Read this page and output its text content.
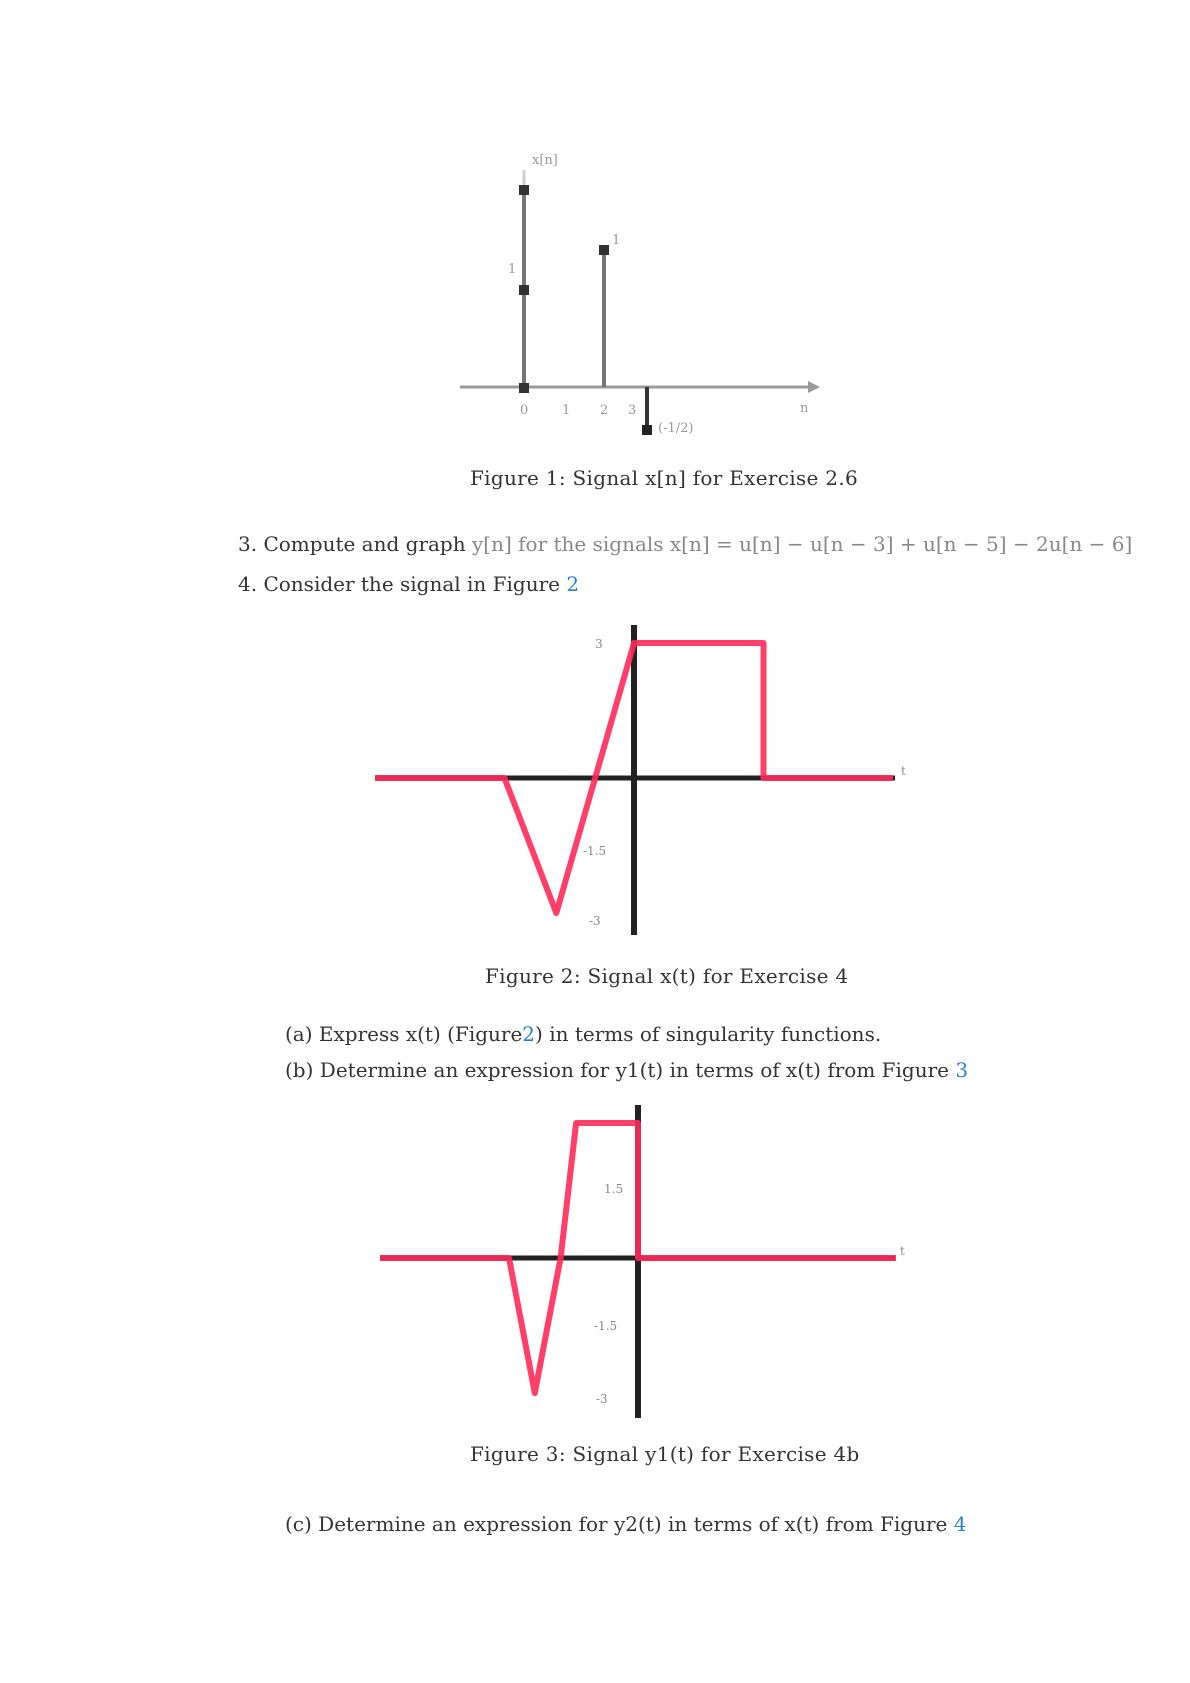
x[n]
n
1
1
0	1 2 3
(-1/2)
Figure 1: Signal x[n] for Exercise 2.6
3. Compute and graph y[n] for the signals x[n] = u[n] − u[n − 3] + u[n − 5] − 2u[n − 6]
4. Consider the signal in Figure 2
3
-1.5
-3
t
Figure 2: Signal x(t) for Exercise 4
(a) Express x(t) (Figure2) in terms of singularity functions.
(b) Determine an expression for y1(t) in terms of x(t) from Figure 3
1.5
-1.5
-3
t
Figure 3: Signal y1(t) for Exercise 4b
(c) Determine an expression for y2(t) in terms of x(t) from Figure 4
